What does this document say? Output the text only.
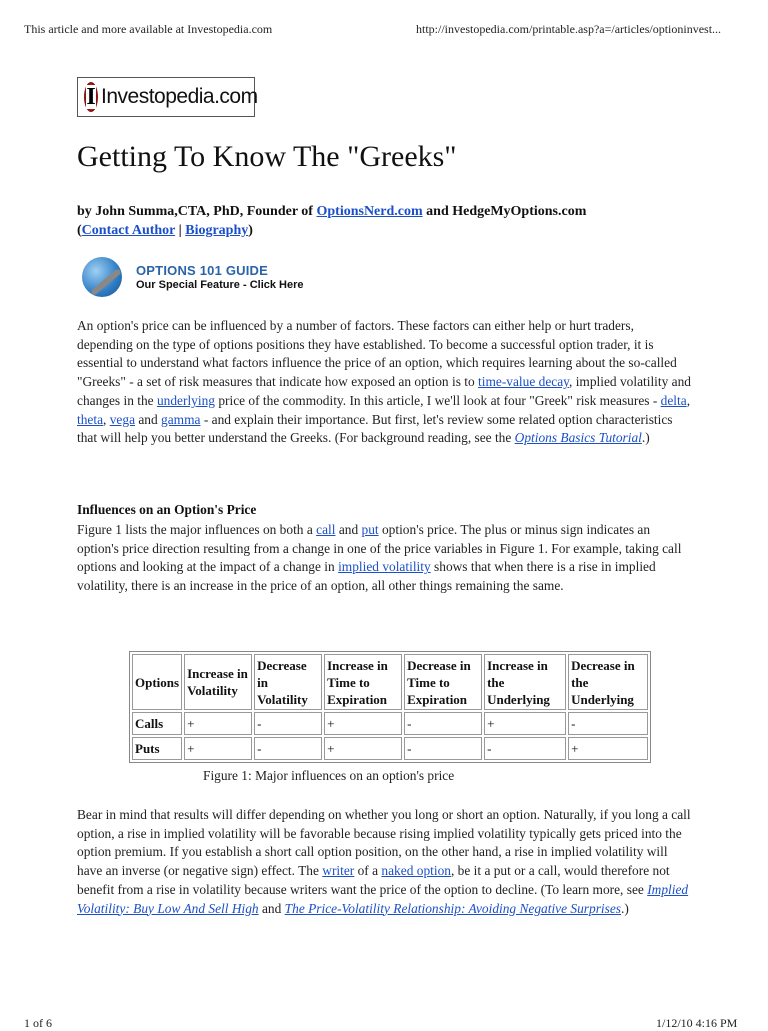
This article and more available at Investopedia.com	http://investopedia.com/printable.asp?a=/articles/optioninvest...
I Investopedia.com
Getting To Know The "Greeks"
by John Summa,CTA, PhD, Founder of OptionsNerd.com and HedgeMyOptions.com
(Contact Author | Biography)
OPTIONS 101 GUIDE
Our Special Feature - Click Here

An option's price can be influenced by a number of factors. These factors can either help or hurt traders, depending on the type of options positions they have established. To become a successful option trader, it is essential to understand what factors influence the price of an option, which requires learning about the so-called "Greeks" - a set of risk measures that indicate how exposed an option is to time-value decay, implied volatility and changes in the underlying price of the commodity. In this article, I we'll look at four "Greek" risk measures - delta, theta, vega and gamma - and explain their importance. But first, let's review some related option characteristics that will help you better understand the Greeks. (For background reading, see the Options Basics Tutorial.)

Influences on an Option's Price

Figure 1 lists the major influences on both a call and put option's price. The plus or minus sign indicates an option's price direction resulting from a change in one of the price variables in Figure 1. For example, taking call options and looking at the impact of a change in implied volatility shows that when there is a rise in implied volatility, there is an increase in the price of an option, all other things remaining the same.

Options	Increase in Volatility	Decrease in Volatility	Increase in Time to Expiration	Decrease in Time to Expiration	Increase in the Underlying	Decrease in the Underlying
Calls	+	-	+	-	+	-
Puts	+	-	+	-	-	+
Figure 1: Major influences on an option's price

Bear in mind that results will differ depending on whether you long or short an option. Naturally, if you long a call option, a rise in implied volatility will be favorable because rising implied volatility typically gets priced into the option premium. If you establish a short call option position, on the other hand, a rise in implied volatility will have an inverse (or negative sign) effect. The writer of a naked option, be it a put or a call, would therefore not benefit from a rise in volatility because writers want the price of the option to decline. (To learn more, see Implied Volatility: Buy Low And Sell High and The Price-Volatility Relationship: Avoiding Negative Surprises.)

1 of 6	1/12/10 4:16 PM
